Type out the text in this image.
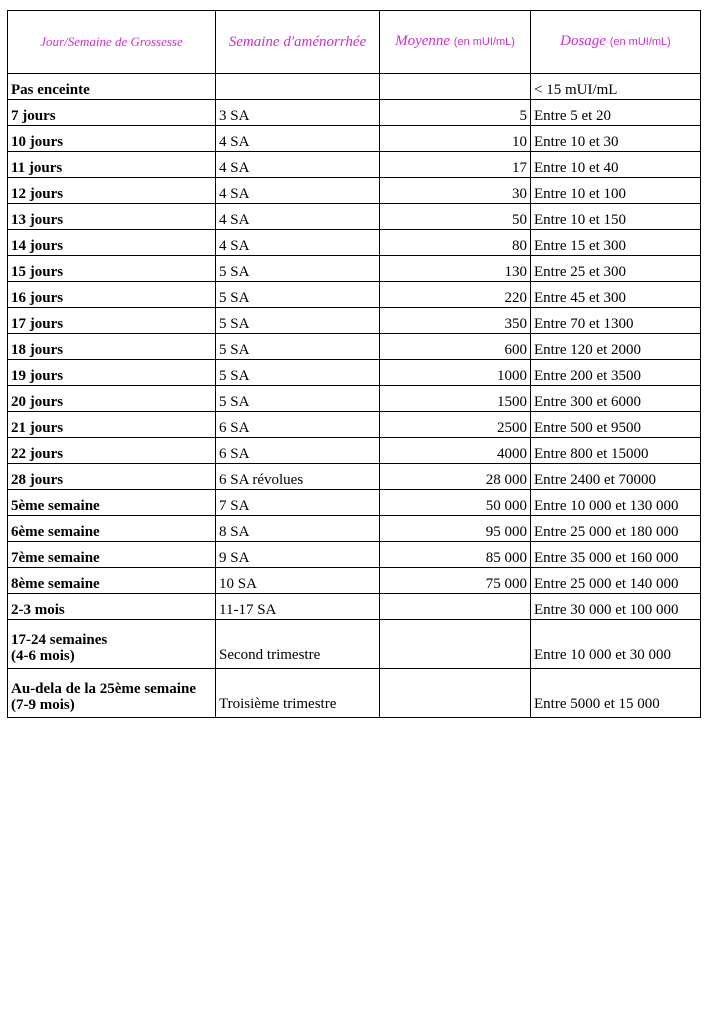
Jour/Semaine de Grossesse	Semaine d'aménorrhée	Moyenne (en mUI/mL)	Dosage (en mUI/mL)
Pas enceinte			< 15 mUI/mL
7 jours	3 SA	5	Entre 5 et 20
10 jours	4 SA	10	Entre 10 et 30
11 jours	4 SA	17	Entre 10 et 40
12 jours	4 SA	30	Entre 10 et 100
13 jours	4 SA	50	Entre 10 et 150
14 jours	4 SA	80	Entre 15 et 300
15 jours	5 SA	130	Entre 25 et 300
16 jours	5 SA	220	Entre 45 et 300
17 jours	5 SA	350	Entre 70 et 1300
18 jours	5 SA	600	Entre 120 et 2000
19 jours	5 SA	1000	Entre 200 et 3500
20 jours	5 SA	1500	Entre 300 et 6000
21 jours	6 SA	2500	Entre 500 et 9500
22 jours	6 SA	4000	Entre 800 et 15000
28 jours	6 SA révolues	28 000	Entre 2400 et 70000
5ème semaine	7 SA	50 000	Entre 10 000 et 130 000
6ème semaine	8 SA	95 000	Entre 25 000 et 180 000
7ème semaine	9 SA	85 000	Entre 35 000 et 160 000
8ème semaine	10 SA	75 000	Entre 25 000 et 140 000
2-3 mois	11-17 SA		Entre 30 000 et 100 000

17-24 semaines
(4-6 mois)	Second trimestre		Entre 10 000 et 30 000

Au-dela de la 25ème semaine
(7-9 mois)	Troisième trimestre		Entre 5000 et 15 000
